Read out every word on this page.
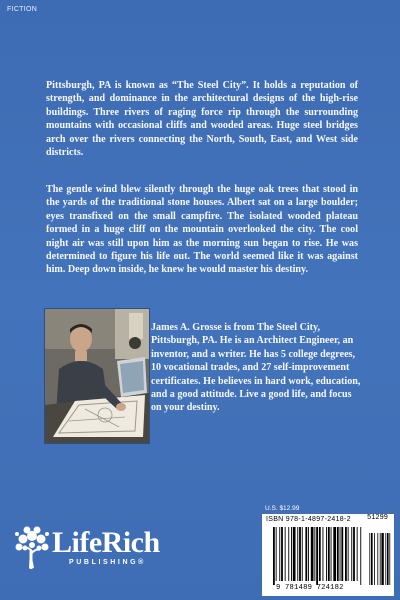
FICTION

Pittsburgh, PA is known as “The Steel City”. It holds a reputation of strength, and dominance in the architectural designs of the high-rise buildings. Three rivers of raging force rip through the surrounding mountains with occasional cliffs and wooded areas. Huge steel bridges arch over the rivers connecting the North, South, East, and West side districts.

The gentle wind blew silently through the huge oak trees that stood in the yards of the traditional stone houses. Albert sat on a large boulder; eyes transfixed on the small campfire. The isolated wooded plateau formed in a huge cliff on the mountain overlooked the city. The cool night air was still upon him as the morning sun began to rise. He was determined to figure his life out. The world seemed like it was against him. Deep down inside, he knew he would master his destiny.

James A. Grosse is from The Steel City, Pittsburgh, PA. He is an Architect Engineer, an inventor, and a writer. He has 5 college degrees, 10 vocational trades, and 27 self-improvement certificates. He believes in hard work, education, and a good attitude. Live a good life, and focus on your destiny.

LifeRich
PUBLISHING®
U.S. $12.99
ISBN 978-1-4897-2418-2 51299
9 781489 724182
